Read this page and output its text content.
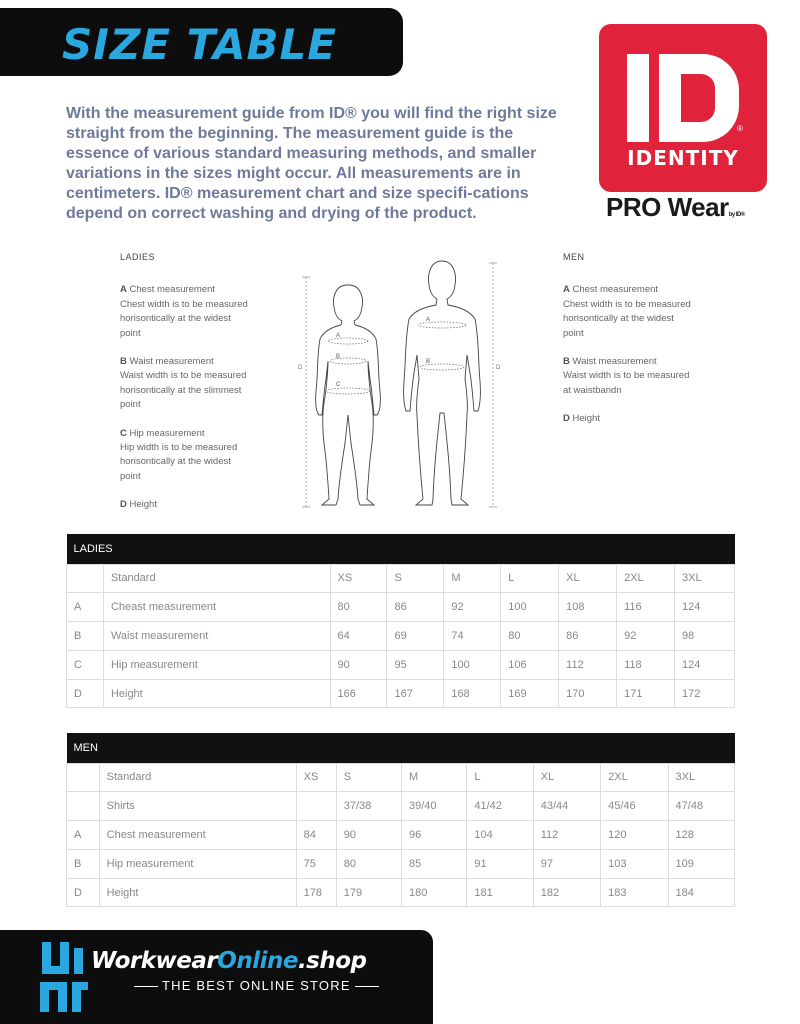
SIZE TABLE
With the measurement guide from ID® you will find the right size straight from the beginning. The measurement guide is the essence of various standard measuring methods, and smaller variations in the sizes might occur. All measurements are in centimeters. ID® measurement chart and size specifi-cations depend on correct washing and drying of the product.
®
IDENTITY
PRO Wearby ID®
LADIES
A Chest measurement
Chest width is to be measured horisontically at the widest point
B Waist measurement
Waist width is to be measured horisontically at the slimmest point
C Hip measurement
Hip width is to be measured horisontically at the widest point
D Height
MEN
A Chest measurement
Chest width is to be measured horisontically at the widest point
B Waist measurement
Waist width is to be measured at waistbandn
D Height
D	D
A
B
C
A
B
LADIES								
	Standard	XS	S	M	L	XL	2XL	3XL
A	Cheast measurement	80	86	92	100	108	116	124
B	Waist measurement	64	69	74	80	86	92	98
C	Hip measurement	90	95	100	106	112	118	124
D	Height	166	167	168	169	170	171	172
MEN								
	Standard	XS	S	M	L	XL	2XL	3XL
	Shirts		37/38	39/40	41/42	43/44	45/46	47/48
A	Chest measurement	84	90	96	104	112	120	128
B	Hip measurement	75	80	85	91	97	103	109
D	Height	178	179	180	181	182	183	184
WorkwearOnline.shop
THE BEST ONLINE STORE
